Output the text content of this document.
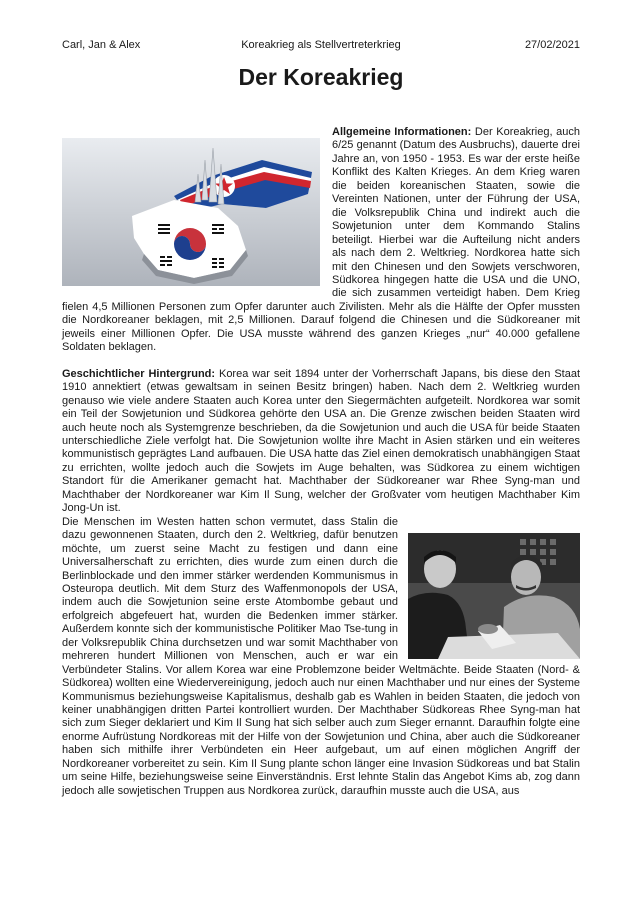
Carl, Jan & Alex	Koreakrieg als Stellvertreterkrieg	27/02/2021
Der Koreakrieg

Allgemeine Informationen: Der Koreakrieg, auch 6/25 genannt (Datum des Ausbruchs), dauerte drei Jahre an, von 1950 - 1953. Es war der erste heiße Konflikt des Kalten Krieges. An dem Krieg waren die beiden koreanischen Staaten, sowie die Vereinten Nationen, unter der Führung der USA, die Volksrepublik China und indirekt auch die Sowjetunion unter dem Kommando Stalins beteiligt. Hierbei war die Aufteilung nicht anders als nach dem 2. Weltkrieg. Nordkorea hatte sich mit den Chinesen und den Sowjets verschworen, Südkorea hingegen hatte die USA und die UNO, die sich zusammen verteidigt haben. Dem Krieg fielen 4,5 Millionen Personen zum Opfer darunter auch Zivilisten. Mehr als die Hälfte der Opfer mussten die Nordkoreaner beklagen, mit 2,5 Millionen. Darauf folgend die Chinesen und die Südkoreaner mit jeweils einer Millionen Opfer. Die USA musste während des ganzen Krieges „nur“ 40.000 gefallene Soldaten beklagen.

Geschichtlicher Hintergrund: Korea war seit 1894 unter der Vorherrschaft Japans, bis diese den Staat 1910 annektiert (etwas gewaltsam in seinen Besitz bringen) haben. Nach dem 2. Weltkrieg wurden genauso wie viele andere Staaten auch Korea unter den Siegermächten aufgeteilt. Nordkorea war somit ein Teil der Sowjetunion und Südkorea gehörte den USA an. Die Grenze zwischen beiden Staaten wird auch heute noch als Systemgrenze beschrieben, da die Sowjetunion und auch die USA für beide Staaten unterschiedliche Ziele verfolgt hat. Die Sowjetunion wollte ihre Macht in Asien stärken und ein weiteres kommunistisch geprägtes Land aufbauen. Die USA hatte das Ziel einen demokratisch unabhängigen Staat zu errichten, wollte jedoch auch die Sowjets im Auge behalten, was Südkorea zu einem wichtigen Standort für die Amerikaner gemacht hat. Machthaber der Südkoreaner war Rhee Syng-man und Machthaber der Nordkoreaner war Kim Il Sung, welcher der Großvater vom heutigen Machthaber Kim Jong-Un ist.

Die Menschen im Westen hatten schon vermutet, dass Stalin die dazu gewonnenen Staaten, durch den 2. Weltkrieg, dafür benutzen möchte, um zuerst seine Macht zu festigen und dann eine Universalherschaft zu errichten, dies wurde zum einen durch die Berlinblockade und den immer stärker werdenden Kommunismus in Osteuropa deutlich. Mit dem Sturz des Waffenmonopols der USA, indem auch die Sowjetunion seine erste Atombombe gebaut und erfolgreich abgefeuert hat, wurden die Bedenken immer stärker. Außerdem konnte sich der kommunistische Politiker Mao Tse-tung in der Volksrepublik China durchsetzen und war somit Machthaber von mehreren hundert Millionen von Menschen, auch er war ein Verbündeter Stalins. Vor allem Korea war eine Problemzone beider Weltmächte. Beide Staaten (Nord- & Südkorea) wollten eine Wiedervereinigung, jedoch auch nur einen Machthaber und nur eines der Systeme Kommunismus beziehungsweise Kapitalismus, deshalb gab es Wahlen in beiden Staaten, die jedoch von keiner unabhängigen dritten Partei kontrolliert wurden. Der Machthaber Südkoreas Rhee Syng-man hat sich zum Sieger deklariert und Kim Il Sung hat sich selber auch zum Sieger ernannt. Daraufhin folgte eine enorme Aufrüstung Nordkoreas mit der Hilfe von der Sowjetunion und China, aber auch die Südkoreaner haben sich mithilfe ihrer Verbündeten ein Heer aufgebaut, um auf einen möglichen Angriff der Nordkoreaner vorbereitet zu sein. Kim Il Sung plante schon länger eine Invasion Südkoreas und bat Stalin um seine Hilfe, beziehungsweise seine Einverständnis. Erst lehnte Stalin das Angebot Kims ab, zog dann jedoch alle sowjetischen Truppen aus Nordkorea zurück, daraufhin musste auch die USA, aus
